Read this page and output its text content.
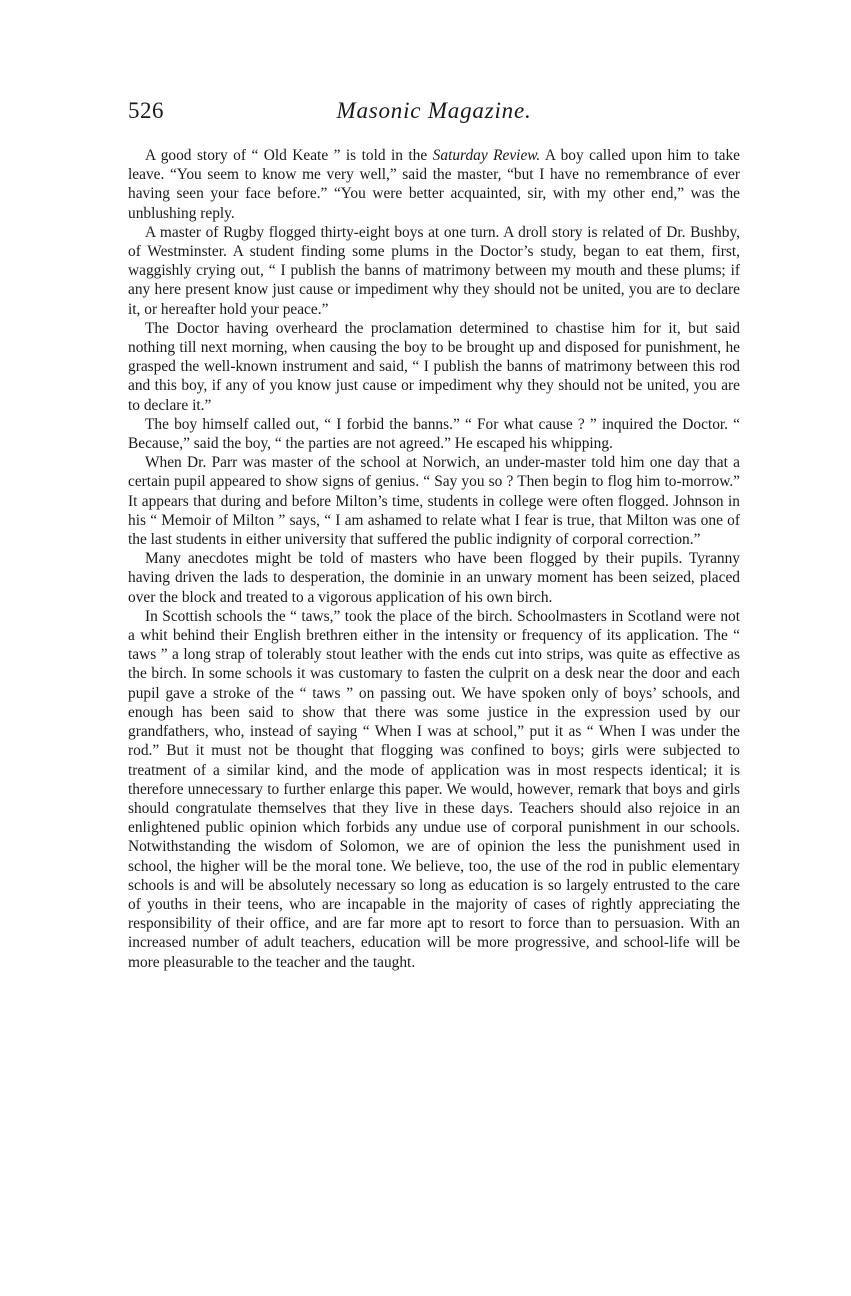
526	Masonic Magazine.

A good story of “ Old Keate ” is told in the Saturday Review. A boy called upon him to take leave. “You seem to know me very well,” said the master, “but I have no remembrance of ever having seen your face before.” “You were better acquainted, sir, with my other end,” was the unblushing reply.

A master of Rugby flogged thirty-eight boys at one turn. A droll story is related of Dr. Bushby, of Westminster. A student finding some plums in the Doctor’s study, began to eat them, first, waggishly crying out, “ I publish the banns of matrimony between my mouth and these plums; if any here present know just cause or impediment why they should not be united, you are to declare it, or hereafter hold your peace.”

The Doctor having overheard the proclamation determined to chastise him for it, but said nothing till next morning, when causing the boy to be brought up and disposed for punishment, he grasped the well-known instrument and said, “ I publish the banns of matrimony between this rod and this boy, if any of you know just cause or impediment why they should not be united, you are to declare it.”

The boy himself called out, “ I forbid the banns.” “ For what cause ? ” inquired the Doctor. “ Because,” said the boy, “ the parties are not agreed.” He escaped his whipping.

When Dr. Parr was master of the school at Norwich, an under-master told him one day that a certain pupil appeared to show signs of genius. “ Say you so ? Then begin to flog him to-morrow.” It appears that during and before Milton’s time, students in college were often flogged. Johnson in his “ Memoir of Milton ” says, “ I am ashamed to relate what I fear is true, that Milton was one of the last students in either university that suffered the public indignity of corporal correction.”

Many anecdotes might be told of masters who have been flogged by their pupils. Tyranny having driven the lads to desperation, the dominie in an unwary moment has been seized, placed over the block and treated to a vigorous application of his own birch.

In Scottish schools the “ taws,” took the place of the birch. Schoolmasters in Scotland were not a whit behind their English brethren either in the intensity or frequency of its application. The “ taws ” a long strap of tolerably stout leather with the ends cut into strips, was quite as effective as the birch. In some schools it was customary to fasten the culprit on a desk near the door and each pupil gave a stroke of the “ taws ” on passing out. We have spoken only of boys’ schools, and enough has been said to show that there was some justice in the expression used by our grandfathers, who, instead of saying “ When I was at school,” put it as “ When I was under the rod.” But it must not be thought that flogging was confined to boys; girls were subjected to treatment of a similar kind, and the mode of application was in most respects identical; it is therefore unnecessary to further enlarge this paper. We would, however, remark that boys and girls should congratulate themselves that they live in these days. Teachers should also rejoice in an enlightened public opinion which forbids any undue use of corporal punishment in our schools. Notwithstanding the wisdom of Solomon, we are of opinion the less the punishment used in school, the higher will be the moral tone. We believe, too, the use of the rod in public elementary schools is and will be absolutely necessary so long as education is so largely entrusted to the care of youths in their teens, who are incapable in the majority of cases of rightly appreciating the responsibility of their office, and are far more apt to resort to force than to persuasion. With an increased number of adult teachers, education will be more progressive, and school-life will be more pleasurable to the teacher and the taught.
